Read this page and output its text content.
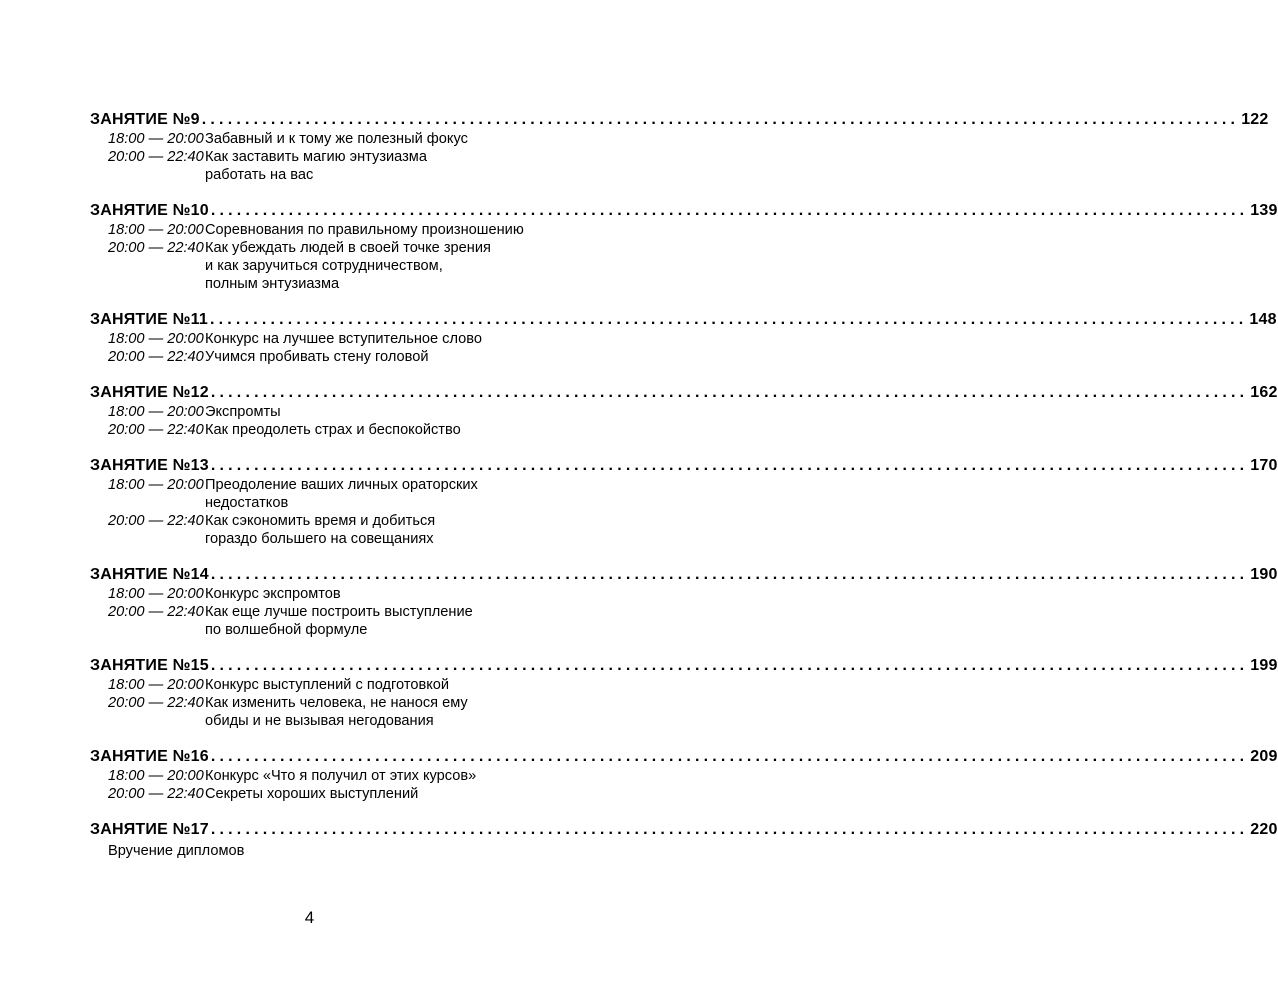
ЗАНЯТИЕ №9 ........................................................................................................................ 122
18:00 — 20:00 Забавный и к тому же полезный фокус
20:00 — 22:40 Как заставить магию энтузиазма
работать на вас
ЗАНЯТИЕ №10 ........................................................................................................................ 139
18:00 — 20:00 Соревнования по правильному произношению
20:00 — 22:40 Как убеждать людей в своей точке зрения
и как заручиться сотрудничеством,
полным энтузиазма
ЗАНЯТИЕ №11 ........................................................................................................................ 148
18:00 — 20:00 Конкурс на лучшее вступительное слово
20:00 — 22:40 Учимся пробивать стену головой
ЗАНЯТИЕ №12 ........................................................................................................................ 162
18:00 — 20:00 Экспромты
20:00 — 22:40 Как преодолеть страх и беспокойство
ЗАНЯТИЕ №13 ........................................................................................................................ 170
18:00 — 20:00 Преодоление ваших личных ораторских
недостатков
20:00 — 22:40 Как сэкономить время и добиться
гораздо большего на совещаниях
ЗАНЯТИЕ №14 ........................................................................................................................ 190
18:00 — 20:00 Конкурс экспромтов
20:00 — 22:40 Как еще лучше построить выступление
по волшебной формуле
ЗАНЯТИЕ №15 ........................................................................................................................ 199
18:00 — 20:00 Конкурс выступлений с подготовкой
20:00 — 22:40 Как изменить человека, не нанося ему
обиды и не вызывая негодования
ЗАНЯТИЕ №16 ........................................................................................................................ 209
18:00 — 20:00 Конкурс «Что я получил от этих курсов»
20:00 — 22:40 Секреты хороших выступлений
ЗАНЯТИЕ №17 ........................................................................................................................ 220
Вручение дипломов
4
